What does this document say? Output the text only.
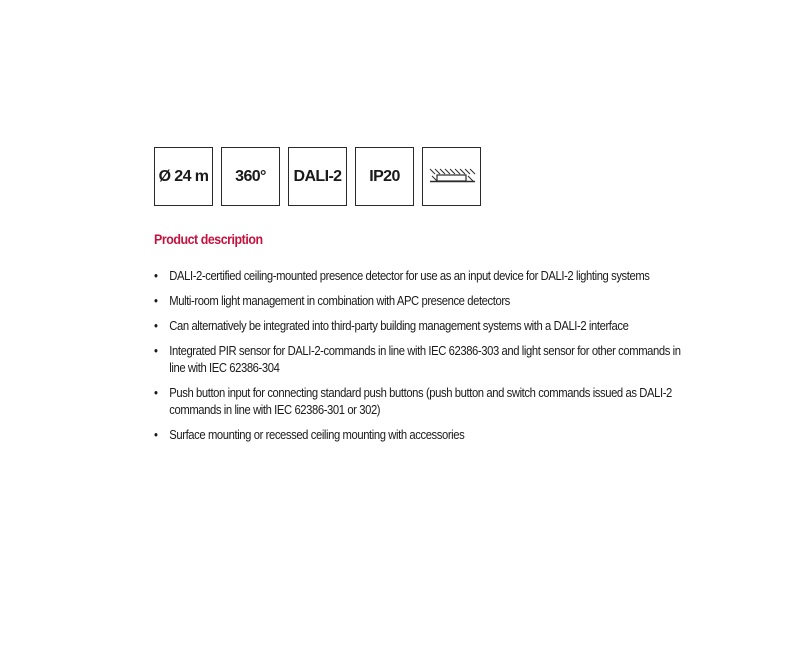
Ø 24 m 360° DALI-2 IP20
Product description
• DALI-2-certified ceiling-mounted presence detector for use as an input device for DALI-2 lighting systems
• Multi-room light management in combination with APC presence detectors
• Can alternatively be integrated into third-party building management systems with a DALI-2 interface
• Integrated PIR sensor for DALI-2-commands in line with IEC 62386-303 and light sensor for other commands in line with IEC 62386-304
• Push button input for connecting standard push buttons (push button and switch commands issued as DALI-2 commands in line with IEC 62386-301 or 302)
• Surface mounting or recessed ceiling mounting with accessories
